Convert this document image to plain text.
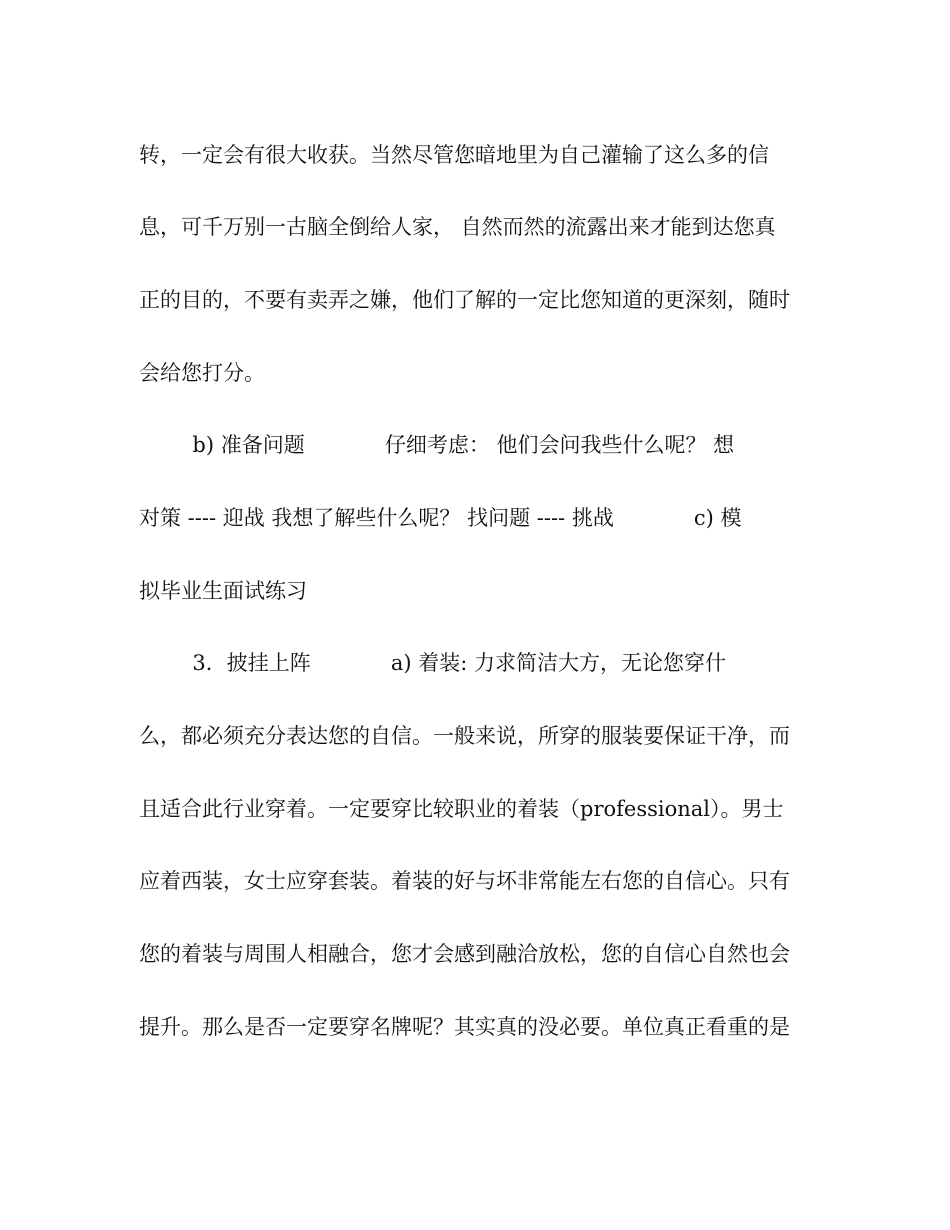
转，一定会有很大收获。当然尽管您暗地里为自己灌输了这么多的信
息，可千万别一古脑全倒给人家， 自然而然的流露出来才能到达您真
正的目的，不要有卖弄之嫌，他们了解的一定比您知道的更深刻，随时
会给您打分。
b) 准备问题            仔细考虑： 他们会问我些什么呢？ 想
对策 ---- 迎战 我想了解些什么呢？ 找问题 ---- 挑战            c) 模
拟毕业生面试练习
3．披挂上阵            a) 着装: 力求简洁大方，无论您穿什
么，都必须充分表达您的自信。一般来说，所穿的服装要保证干净，而
且适合此行业穿着。一定要穿比较职业的着装（professional）。男士
应着西装，女士应穿套装。着装的好与坏非常能左右您的自信心。只有
您的着装与周围人相融合，您才会感到融洽放松，您的自信心自然也会
提升。那么是否一定要穿名牌呢？其实真的没必要。单位真正看重的是
